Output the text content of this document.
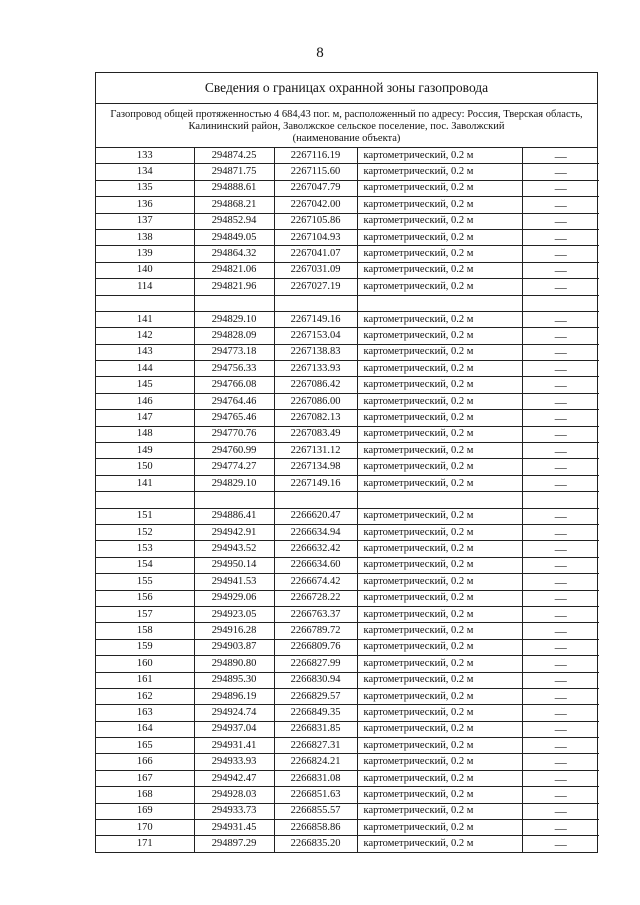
8
Сведения о границах охранной зоны газопровода
Газопровод общей протяженностью 4 684,43 пог. м, расположенный по адресу: Россия, Тверская область,
Калининский район, Заволжское сельское поселение, пос. Заволжский
(наименование объекта)
133	294874.25	2267116.19	картометрический, 0.2 м	—
134	294871.75	2267115.60	картометрический, 0.2 м	—
135	294888.61	2267047.79	картометрический, 0.2 м	—
136	294868.21	2267042.00	картометрический, 0.2 м	—
137	294852.94	2267105.86	картометрический, 0.2 м	—
138	294849.05	2267104.93	картометрический, 0.2 м	—
139	294864.32	2267041.07	картометрический, 0.2 м	—
140	294821.06	2267031.09	картометрический, 0.2 м	—
114	294821.96	2267027.19	картометрический, 0.2 м	—

141	294829.10	2267149.16	картометрический, 0.2 м	—
142	294828.09	2267153.04	картометрический, 0.2 м	—
143	294773.18	2267138.83	картометрический, 0.2 м	—
144	294756.33	2267133.93	картометрический, 0.2 м	—
145	294766.08	2267086.42	картометрический, 0.2 м	—
146	294764.46	2267086.00	картометрический, 0.2 м	—
147	294765.46	2267082.13	картометрический, 0.2 м	—
148	294770.76	2267083.49	картометрический, 0.2 м	—
149	294760.99	2267131.12	картометрический, 0.2 м	—
150	294774.27	2267134.98	картометрический, 0.2 м	—
141	294829.10	2267149.16	картометрический, 0.2 м	—

151	294886.41	2266620.47	картометрический, 0.2 м	—
152	294942.91	2266634.94	картометрический, 0.2 м	—
153	294943.52	2266632.42	картометрический, 0.2 м	—
154	294950.14	2266634.60	картометрический, 0.2 м	—
155	294941.53	2266674.42	картометрический, 0.2 м	—
156	294929.06	2266728.22	картометрический, 0.2 м	—
157	294923.05	2266763.37	картометрический, 0.2 м	—
158	294916.28	2266789.72	картометрический, 0.2 м	—
159	294903.87	2266809.76	картометрический, 0.2 м	—
160	294890.80	2266827.99	картометрический, 0.2 м	—
161	294895.30	2266830.94	картометрический, 0.2 м	—
162	294896.19	2266829.57	картометрический, 0.2 м	—
163	294924.74	2266849.35	картометрический, 0.2 м	—
164	294937.04	2266831.85	картометрический, 0.2 м	—
165	294931.41	2266827.31	картометрический, 0.2 м	—
166	294933.93	2266824.21	картометрический, 0.2 м	—
167	294942.47	2266831.08	картометрический, 0.2 м	—
168	294928.03	2266851.63	картометрический, 0.2 м	—
169	294933.73	2266855.57	картометрический, 0.2 м	—
170	294931.45	2266858.86	картометрический, 0.2 м	—
171	294897.29	2266835.20	картометрический, 0.2 м	—
